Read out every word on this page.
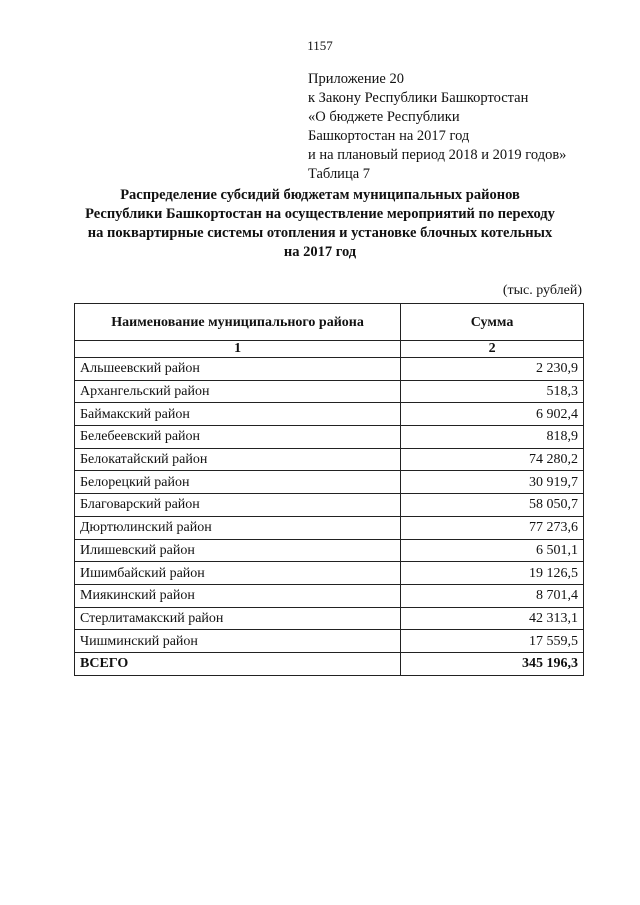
1157
Приложение 20
к Закону Республики Башкортостан
«О бюджете Республики
Башкортостан на 2017 год
и на плановый период 2018 и 2019 годов»
Таблица 7
Распределение субсидий бюджетам муниципальных районов
Республики Башкортостан на осуществление мероприятий по переходу
на поквартирные системы отопления и установке блочных котельных
на 2017 год
(тыс. рублей)
Наименование муниципального района	Сумма
1	2
Альшеевский район	2 230,9
Архангельский район	518,3
Баймакский район	6 902,4
Белебеевский район	818,9
Белокатайский район	74 280,2
Белорецкий район	30 919,7
Благоварский район	58 050,7
Дюртюлинский район	77 273,6
Илишевский район	6 501,1
Ишимбайский район	19 126,5
Миякинский район	8 701,4
Стерлитамакский район	42 313,1
Чишминский район	17 559,5
ВСЕГО	345 196,3
